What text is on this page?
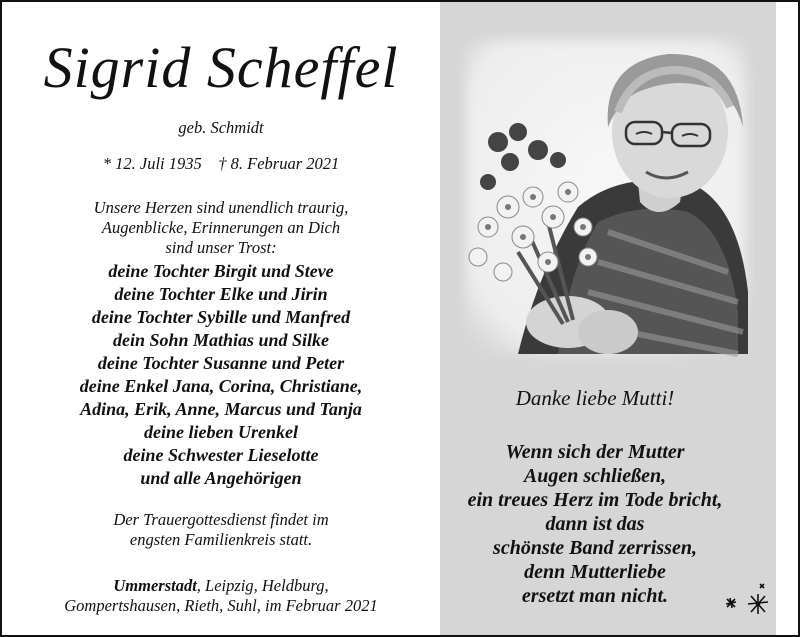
Sigrid Scheffel
geb. Schmidt
* 12. Juli 1935    † 8. Februar 2021
Unsere Herzen sind unendlich traurig,
Augenblicke, Erinnerungen an Dich
sind unser Trost:
deine Tochter Birgit und Steve
deine Tochter Elke und Jirin
deine Tochter Sybille und Manfred
dein Sohn Mathias und Silke
deine Tochter Susanne und Peter
deine Enkel Jana, Corina, Christiane,
Adina, Erik, Anne, Marcus und Tanja
deine lieben Urenkel
deine Schwester Lieselotte
und alle Angehörigen
Der Trauergottesdienst findet im
engsten Familienkreis statt.
Ummerstadt, Leipzig, Heldburg,
Gompertshausen, Rieth, Suhl, im Februar 2021
Danke liebe Mutti!
Wenn sich der Mutter
Augen schließen,
ein treues Herz im Tode bricht,
dann ist das
schönste Band zerrissen,
denn Mutterliebe
ersetzt man nicht.
